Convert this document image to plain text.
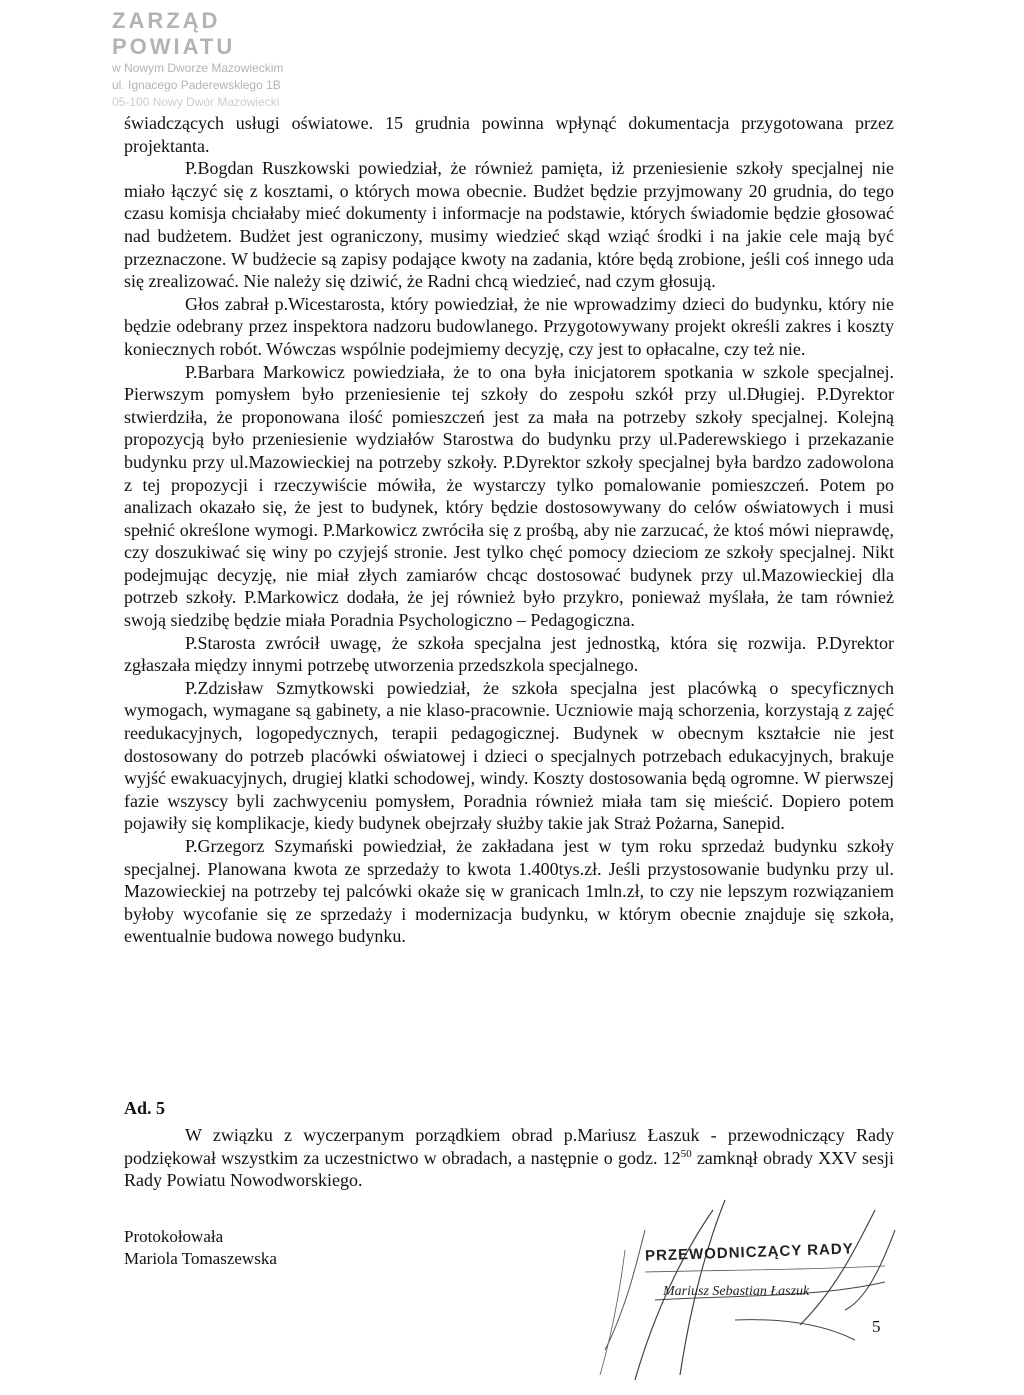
ZARZĄD POWIATU
w Nowym Dworze Mazowieckim
ul. Ignacego Paderewskiego 1B
05-100 Nowy Dwór Mazowiecki

świadczących usługi oświatowe. 15 grudnia powinna wpłynąć dokumentacja przygotowana przez projektanta.

P.Bogdan Ruszkowski powiedział, że również pamięta, iż przeniesienie szkoły specjalnej nie miało łączyć się z kosztami, o których mowa obecnie. Budżet będzie przyjmowany 20 grudnia, do tego czasu komisja chciałaby mieć dokumenty i informacje na podstawie, których świadomie będzie głosować nad budżetem. Budżet jest ograniczony, musimy wiedzieć skąd wziąć środki i na jakie cele mają być przeznaczone. W budżecie są zapisy podające kwoty na zadania, które będą zrobione, jeśli coś innego uda się zrealizować. Nie należy się dziwić, że Radni chcą wiedzieć, nad czym głosują.

Głos zabrał p.Wicestarosta, który powiedział, że nie wprowadzimy dzieci do budynku, który nie będzie odebrany przez inspektora nadzoru budowlanego. Przygotowywany projekt określi zakres i koszty koniecznych robót. Wówczas wspólnie podejmiemy decyzję, czy jest to opłacalne, czy też nie.

P.Barbara Markowicz powiedziała, że to ona była inicjatorem spotkania w szkole specjalnej. Pierwszym pomysłem było przeniesienie tej szkoły do zespołu szkół przy ul.Długiej. P.Dyrektor stwierdziła, że proponowana ilość pomieszczeń jest za mała na potrzeby szkoły specjalnej. Kolejną propozycją było przeniesienie wydziałów Starostwa do budynku przy ul.Paderewskiego i przekazanie budynku przy ul.Mazowieckiej na potrzeby szkoły. P.Dyrektor szkoły specjalnej była bardzo zadowolona z tej propozycji i rzeczywiście mówiła, że wystarczy tylko pomalowanie pomieszczeń. Potem po analizach okazało się, że jest to budynek, który będzie dostosowywany do celów oświatowych i musi spełnić określone wymogi. P.Markowicz zwróciła się z prośbą, aby nie zarzucać, że ktoś mówi nieprawdę, czy doszukiwać się winy po czyjejś stronie. Jest tylko chęć pomocy dzieciom ze szkoły specjalnej. Nikt podejmując decyzję, nie miał złych zamiarów chcąc dostosować budynek przy ul.Mazowieckiej dla potrzeb szkoły. P.Markowicz dodała, że jej również było przykro, ponieważ myślała, że tam również swoją siedzibę będzie miała Poradnia Psychologiczno – Pedagogiczna.

P.Starosta zwrócił uwagę, że szkoła specjalna jest jednostką, która się rozwija. P.Dyrektor zgłaszała między innymi potrzebę utworzenia przedszkola specjalnego.

P.Zdzisław Szmytkowski powiedział, że szkoła specjalna jest placówką o specyficznych wymogach, wymagane są gabinety, a nie klaso-pracownie. Uczniowie mają schorzenia, korzystają z zajęć reedukacyjnych, logopedycznych, terapii pedagogicznej. Budynek w obecnym kształcie nie jest dostosowany do potrzeb placówki oświatowej i dzieci o specjalnych potrzebach edukacyjnych, brakuje wyjść ewakuacyjnych, drugiej klatki schodowej, windy. Koszty dostosowania będą ogromne. W pierwszej fazie wszyscy byli zachwyceniu pomysłem, Poradnia również miała tam się mieścić. Dopiero potem pojawiły się komplikacje, kiedy budynek obejrzały służby takie jak Straż Pożarna, Sanepid.

P.Grzegorz Szymański powiedział, że zakładana jest w tym roku sprzedaż budynku szkoły specjalnej. Planowana kwota ze sprzedaży to kwota 1.400tys.zł. Jeśli przystosowanie budynku przy ul. Mazowieckiej na potrzeby tej palcówki okaże się w granicach 1mln.zł, to czy nie lepszym rozwiązaniem byłoby wycofanie się ze sprzedaży i modernizacja budynku, w którym obecnie znajduje się szkoła, ewentualnie budowa nowego budynku.

Ad. 5

W związku z wyczerpanym porządkiem obrad p.Mariusz Łaszuk - przewodniczący Rady podziękował wszystkim za uczestnictwo w obradach, a następnie o godz. $12^{50}$ zamknął obrady XXV sesji Rady Powiatu Nowodworskiego.

Protokołowała
Mariola Tomaszewska	PRZEWODNICZĄCY RADY
Mariusz Sebastian Łaszuk
5
